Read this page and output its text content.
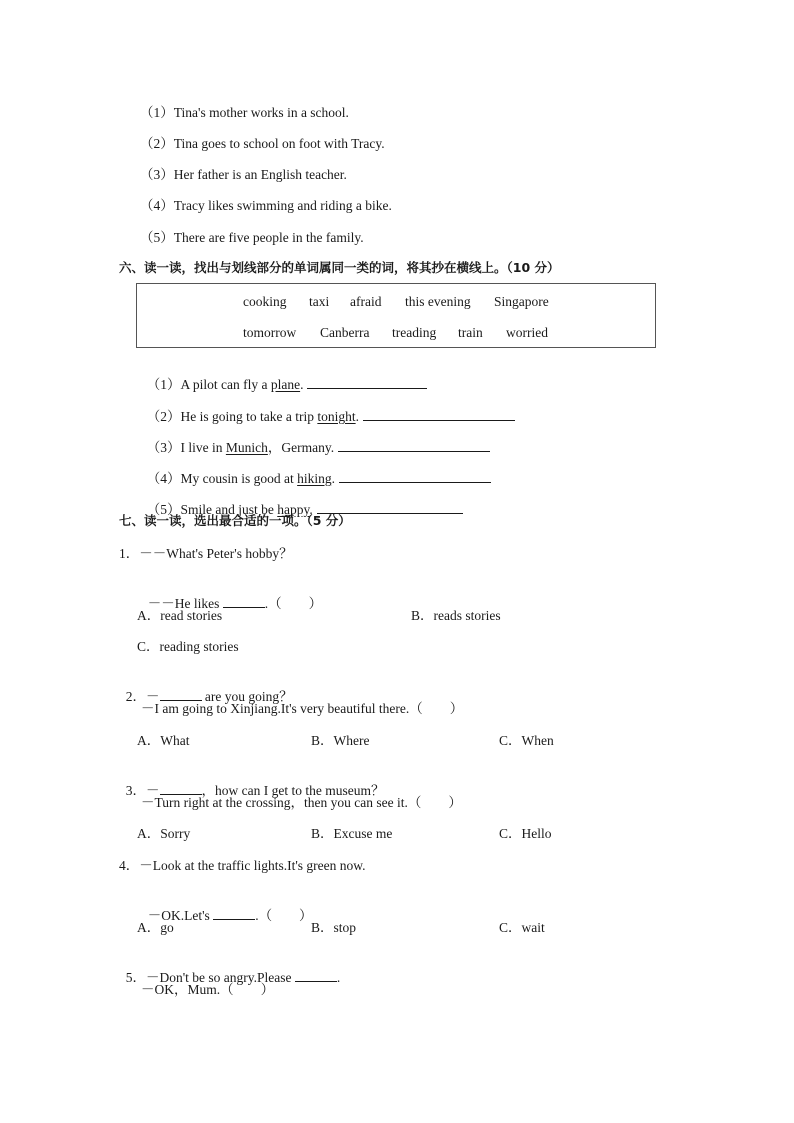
（1）Tina's mother works in a school.
（2）Tina goes to school on foot with Tracy.
（3）Her father is an English teacher.
（4）Tracy likes swimming and riding a bike.
（5）There are five people in the family.
六、读一读，找出与划线部分的单词属同一类的词，将其抄在横线上。（10 分）
cooking taxi afraid this evening Singapore
tomorrow Canberra treading train worried

（1）A pilot can fly a plane.

（2）He is going to take a trip tonight.

（3）I live in Munich，Germany.

（4）My cousin is good at hiking.

（5）Smile and just be happy.

七、读一读，选出最合适的一项。（5 分）
1．－－What's Peter's hobby？

－－He likes	.（　　）

A．read stories	B．reads stories
C．reading stories

2．－	are you going？

－I am going to Xinjiang.It's very beautiful there.（　　）
A．What	B．Where	C．When

3．－	，how can I get to the museum？

－Turn right at the crossing，then you can see it.（　　）
A．Sorry	B．Excuse me	C．Hello
4．－Look at the traffic lights.It's green now.

－OK.Let's	.（　　）

A．go	B．stop	C．wait

5．－Don't be so angry.Please	.

－OK，Mum.（　　）
